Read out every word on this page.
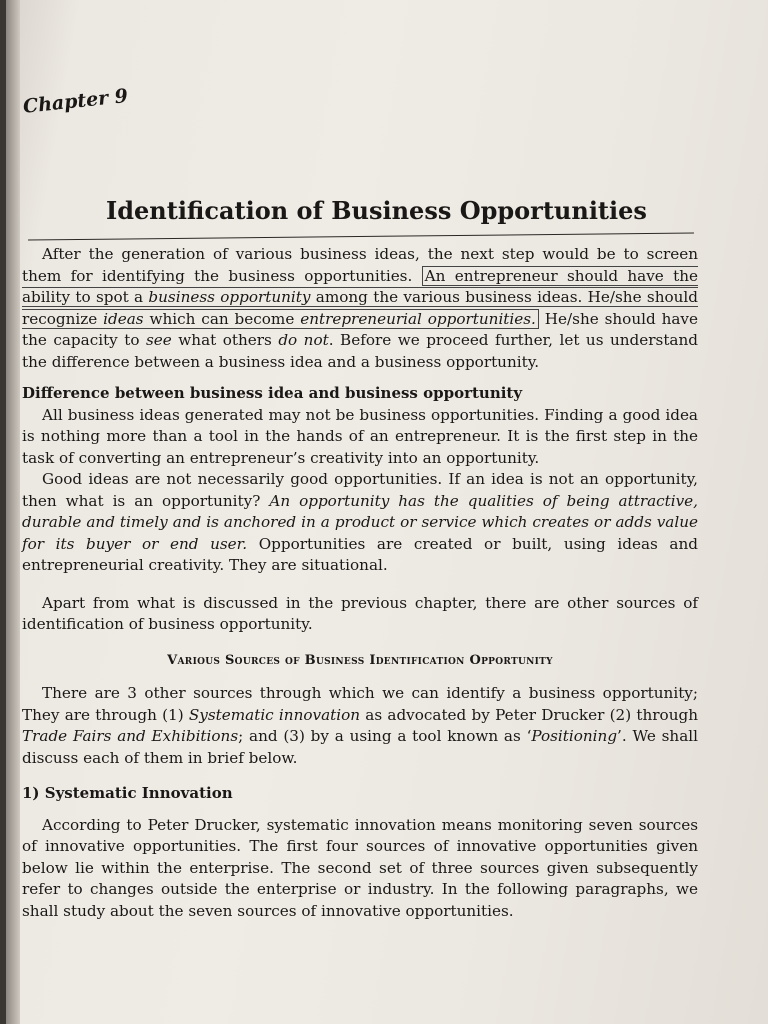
Chapter 9
Identification of Business Opportunities

After the generation of various business ideas, the next step would be to screen them for identifying the business opportunities. An entrepreneur should have the ability to spot a business opportunity among the various business ideas. He/she should recognize ideas which can become entrepreneurial opportunities. He/she should have the capacity to see what others do not. Before we proceed further, let us understand the difference between a business idea and a business opportunity.

Difference between business idea and business opportunity

All business ideas generated may not be business opportunities. Finding a good idea is nothing more than a tool in the hands of an entrepreneur. It is the first step in the task of converting an entrepreneur’s creativity into an opportunity.

Good ideas are not necessarily good opportunities. If an idea is not an opportunity, then what is an opportunity? An opportunity has the qualities of being attractive, durable and timely and is anchored in a product or service which creates or adds value for its buyer or end user. Opportunities are created or built, using ideas and entrepreneurial creativity. They are situational.

Apart from what is discussed in the previous chapter, there are other sources of identification of business opportunity.

Various Sources of Business Identification Opportunity

There are 3 other sources through which we can identify a business opportunity; They are through (1) Systematic innovation as advocated by Peter Drucker (2) through Trade Fairs and Exhibitions; and (3) by a using a tool known as ‘Positioning’. We shall discuss each of them in brief below.

1) Systematic Innovation

According to Peter Drucker, systematic innovation means monitoring seven sources of innovative opportunities. The first four sources of innovative opportunities given below lie within the enterprise. The second set of three sources given subsequently refer to changes outside the enterprise or industry. In the following paragraphs, we shall study about the seven sources of innovative opportunities.
